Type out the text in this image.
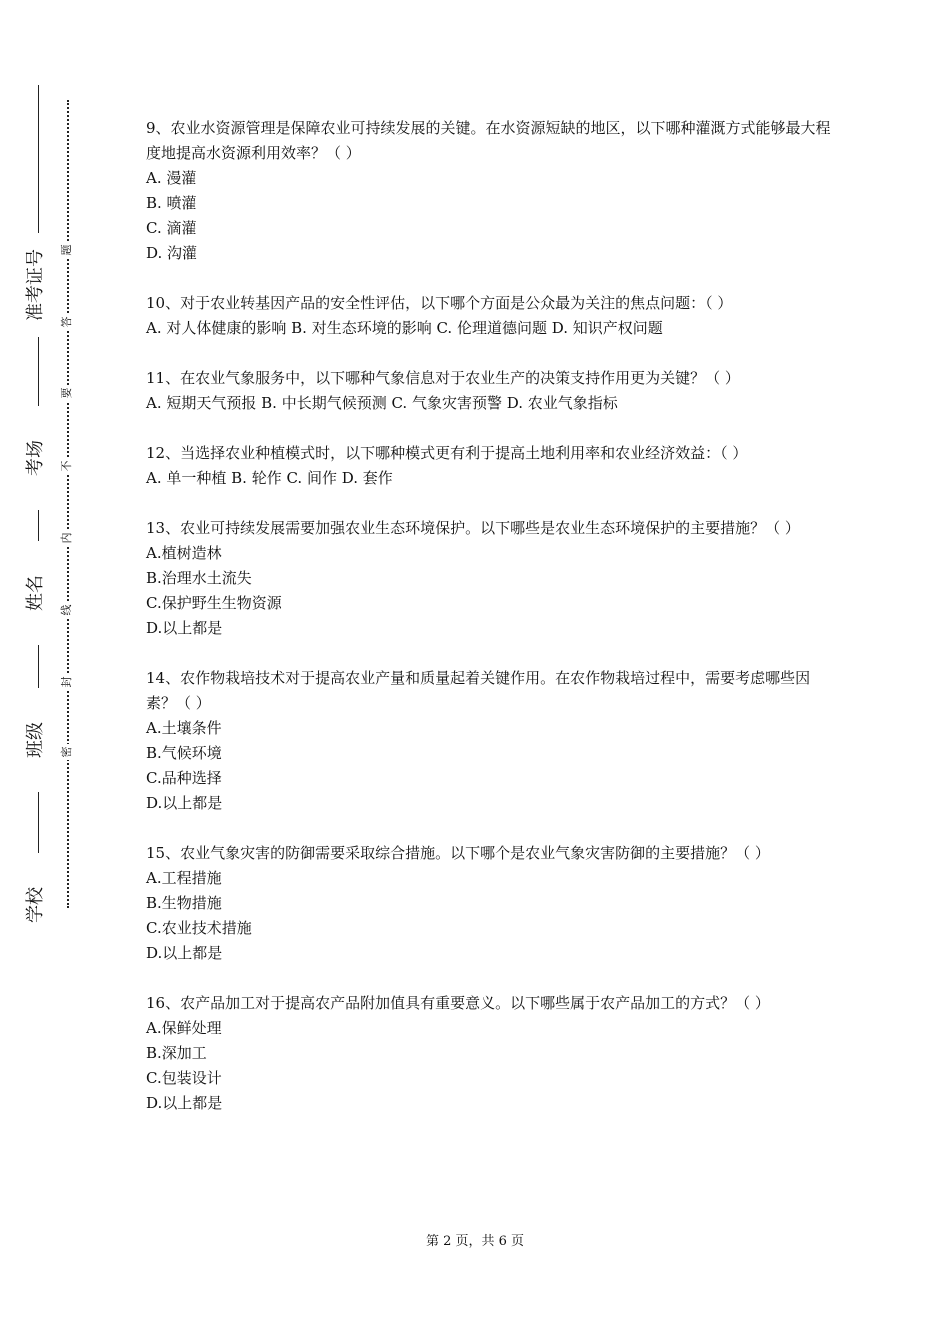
准考证号
考场
姓名
班级
学校
题
答
要
不
内
线
封
密

9、农业水资源管理是保障农业可持续发展的关键。在水资源短缺的地区，以下哪种灌溉方式能够最大程度地提高水资源利用效率？（ ）

A. 漫灌

B. 喷灌

C. 滴灌

D. 沟灌

10、对于农业转基因产品的安全性评估，以下哪个方面是公众最为关注的焦点问题：（ ）

A. 对人体健康的影响 B. 对生态环境的影响 C. 伦理道德问题 D. 知识产权问题

11、在农业气象服务中，以下哪种气象信息对于农业生产的决策支持作用更为关键？（ ）

A. 短期天气预报 B. 中长期气候预测 C. 气象灾害预警 D. 农业气象指标

12、当选择农业种植模式时，以下哪种模式更有利于提高土地利用率和农业经济效益：（ ）

A. 单一种植 B. 轮作 C. 间作 D. 套作

13、农业可持续发展需要加强农业生态环境保护。以下哪些是农业生态环境保护的主要措施？（ ）

A.植树造林

B.治理水土流失

C.保护野生生物资源

D.以上都是

14、农作物栽培技术对于提高农业产量和质量起着关键作用。在农作物栽培过程中，需要考虑哪些因素？（ ）

A.土壤条件

B.气候环境

C.品种选择

D.以上都是

15、农业气象灾害的防御需要采取综合措施。以下哪个是农业气象灾害防御的主要措施？（ ）

A.工程措施

B.生物措施

C.农业技术措施

D.以上都是

16、农产品加工对于提高农产品附加值具有重要意义。以下哪些属于农产品加工的方式？（ ）

A.保鲜处理

B.深加工

C.包装设计

D.以上都是

第 2 页，共 6 页
